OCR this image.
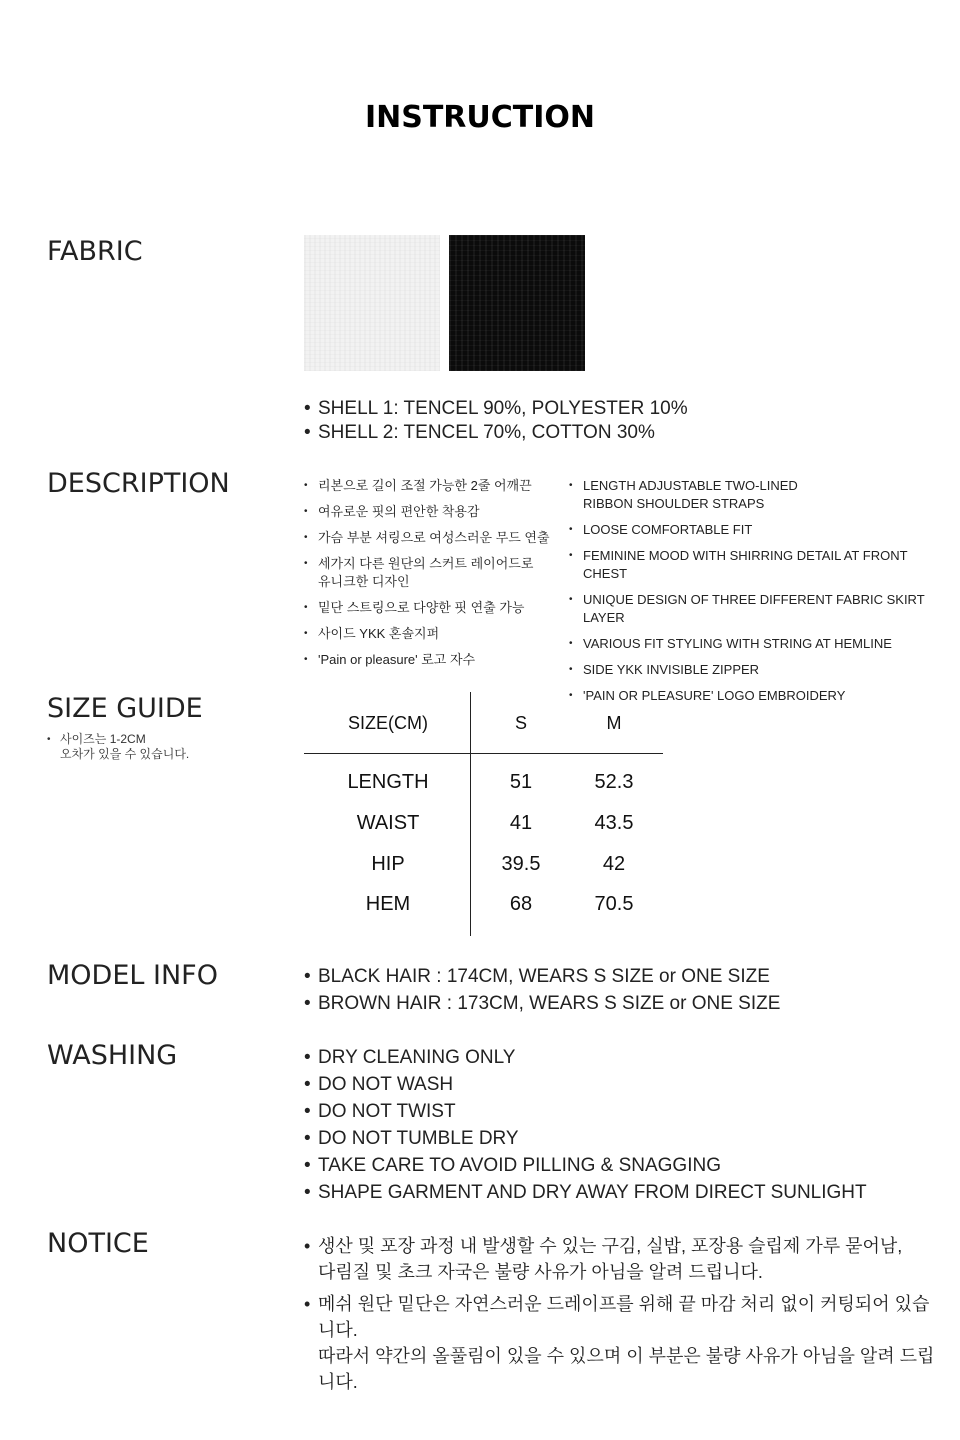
INSTRUCTION
FABRIC
• SHELL 1: TENCEL 90%, POLYESTER 10%
• SHELL 2: TENCEL 70%, COTTON 30%
DESCRIPTION	• 리본으로 길이 조절 가능한 2줄 어깨끈
• 여유로운 핏의 편안한 착용감
• 가슴 부분 셔링으로 여성스러운 무드 연출
• 세가지 다른 원단의 스커트 레이어드로
유니크한 디자인
• 밑단 스트링으로 다양한 핏 연출 가능
• 사이드 YKK 혼솔지퍼
• 'Pain or pleasure' 로고 자수
• LENGTH ADJUSTABLE TWO-LINED
RIBBON SHOULDER STRAPS
• LOOSE COMFORTABLE FIT
• FEMININE MOOD WITH SHIRRING DETAIL AT FRONT CHEST
• UNIQUE DESIGN OF THREE DIFFERENT FABRIC SKIRT LAYER
• VARIOUS FIT STYLING WITH STRING AT HEMLINE
• SIDE YKK INVISIBLE ZIPPER
• 'PAIN OR PLEASURE' LOGO EMBROIDERY
SIZE GUIDE
• 사이즈는 1-2CM
오차가 있을 수 있습니다.
SIZE(CM)	S	M
LENGTH	51	52.3
WAIST	41	43.5
HIP	39.5	42
HEM	68	70.5
MODEL INFO	• BLACK HAIR : 174CM, WEARS S SIZE or ONE SIZE
• BROWN HAIR : 173CM, WEARS S SIZE or ONE SIZE
WASHING	• DRY CLEANING ONLY
• DO NOT WASH
• DO NOT TWIST
• DO NOT TUMBLE DRY
• TAKE CARE TO AVOID PILLING & SNAGGING
• SHAPE GARMENT AND DRY AWAY FROM DIRECT SUNLIGHT
NOTICE	• 생산 및 포장 과정 내 발생할 수 있는 구김, 실밥, 포장용 슬립제 가루 묻어남,
다림질 및 초크 자국은 불량 사유가 아님을 알려 드립니다.
• 메쉬 원단 밑단은 자연스러운 드레이프를 위해 끝 마감 처리 없이 커팅되어 있습니다.
따라서 약간의 올풀림이 있을 수 있으며 이 부분은 불량 사유가 아님을 알려 드립니다.
